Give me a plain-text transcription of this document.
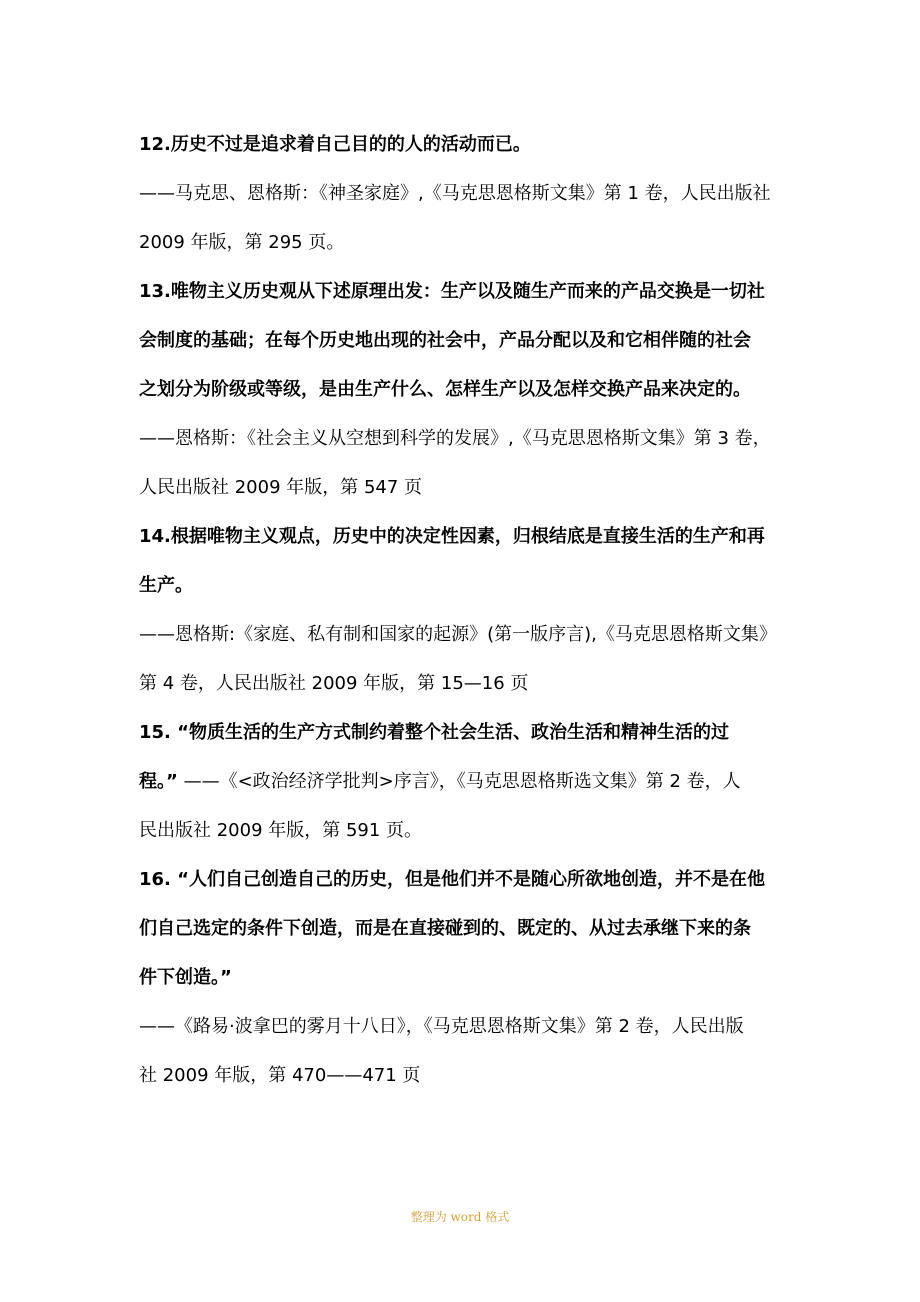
12.历史不过是追求着自己目的的人的活动而已。
——马克思、恩格斯：《神圣家庭》,《马克思恩格斯文集》第 1 卷，人民出版社
2009 年版，第 295 页。
13.唯物主义历史观从下述原理出发：生产以及随生产而来的产品交换是一切社
会制度的基础；在每个历史地出现的社会中，产品分配以及和它相伴随的社会
之划分为阶级或等级，是由生产什么、怎样生产以及怎样交换产品来决定的。
——恩格斯：《社会主义从空想到科学的发展》,《马克思恩格斯文集》第 3 卷，
人民出版社 2009 年版，第 547 页
14.根据唯物主义观点，历史中的决定性因素，归根结底是直接生活的生产和再
生产。
——恩格斯:《家庭、私有制和国家的起源》(第一版序言),《马克思恩格斯文集》
第 4 卷，人民出版社 2009 年版，第 15—16 页
15. “物质生活的生产方式制约着整个社会生活、政治生活和精神生活的过
程。” ——《<政治经济学批判>序言》，《马克思恩格斯选文集》第 2 卷，人
民出版社 2009 年版，第 591 页。
16. “人们自己创造自己的历史，但是他们并不是随心所欲地创造，并不是在他
们自己选定的条件下创造，而是在直接碰到的、既定的、从过去承继下来的条
件下创造。”
——《路易·波拿巴的雾月十八日》，《马克思恩格斯文集》第 2 卷，人民出版
社 2009 年版，第 470——471 页
整理为 word 格式
